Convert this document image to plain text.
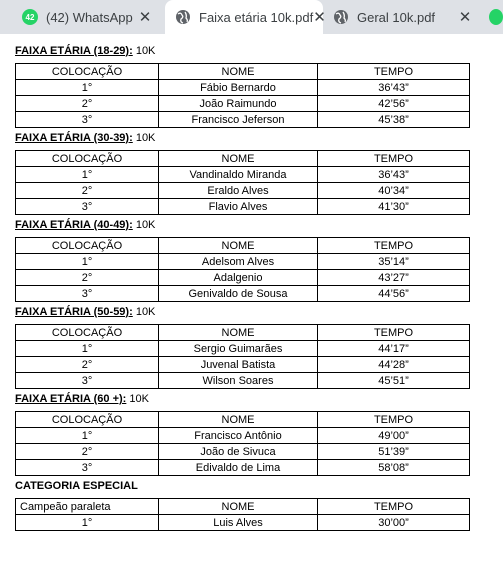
42 (42) WhatsApp ✕	Faixa etária 10k.pdf ✕ Geral 10k.pdf	✕
FAIXA ETÁRIA (18-29): 10K
COLOCAÇÃO	NOME	TEMPO
1°	Fábio Bernardo	36’43”
2°	João Raimundo	42’56”
3°	Francisco Jeferson	45’38”
FAIXA ETÁRIA (30-39): 10K
COLOCAÇÃO	NOME	TEMPO
1°	Vandinaldo Miranda	36’43”
2°	Eraldo Alves	40’34”
3°	Flavio Alves	41’30”
FAIXA ETÁRIA (40-49): 10K
COLOCAÇÃO	NOME	TEMPO
1°	Adelsom Alves	35’14”
2°	Adalgenio	43’27”
3°	Genivaldo de Sousa	44’56”
FAIXA ETÁRIA (50-59): 10K
COLOCAÇÃO	NOME	TEMPO
1°	Sergio Guimarães	44’17”
2°	Juvenal Batista	44’28”
3°	Wilson Soares	45’51”
FAIXA ETÁRIA (60 +): 10K
COLOCAÇÃO	NOME	TEMPO
1°	Francisco Antônio	49’00”
2°	João de Sivuca	51’39”
3°	Edivaldo de Lima	58’08”
CATEGORIA ESPECIAL
Campeão paraleta	NOME	TEMPO
1°	Luis Alves	30’00”
